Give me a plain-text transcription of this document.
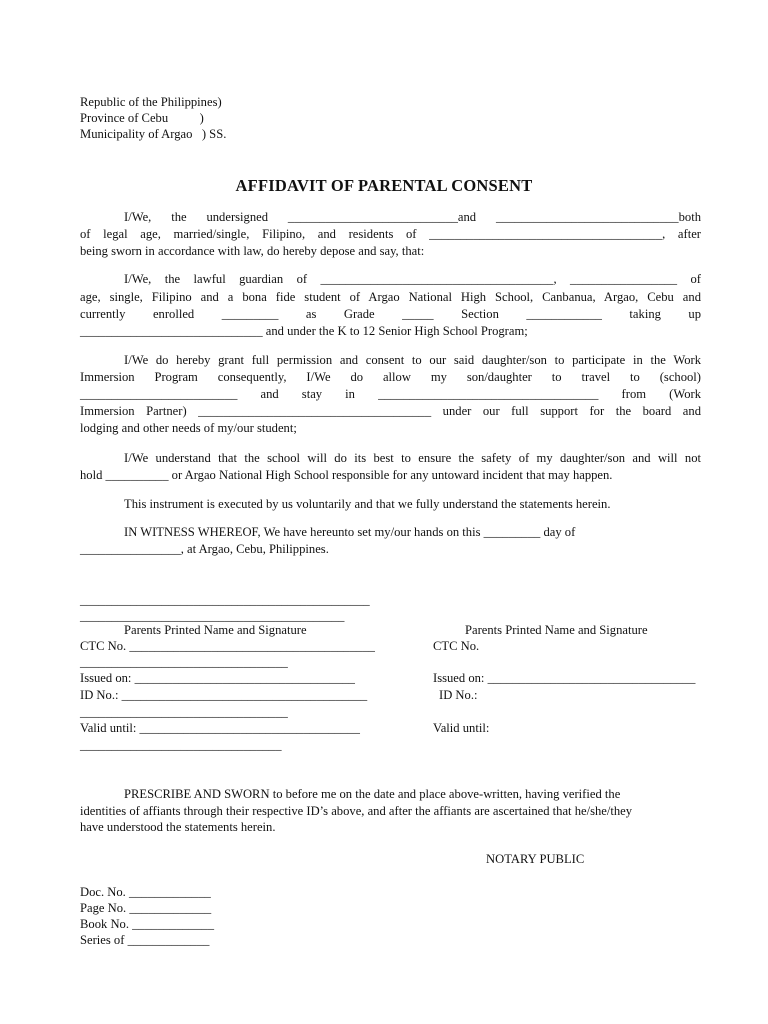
Republic of the Philippines)
Province of Cebu          )
Municipality of Argao   ) SS.
AFFIDAVIT OF PARENTAL CONSENT
I/We, the undersigned ___________________________and _____________________________both
of legal age, married/single, Filipino, and residents of _____________________________________, after
being sworn in accordance with law, do hereby depose and say, that:
I/We, the lawful guardian of _____________________________________, _________________ of
age, single, Filipino and a bona fide student of Argao National High School, Canbanua, Argao, Cebu and
currently enrolled _________ as Grade _____ Section ____________ taking up
_____________________________ and under the K to 12 Senior High School Program;
I/We do hereby grant full permission and consent to our said daughter/son to participate in the Work
Immersion Program consequently, I/We do allow my son/daughter to travel to (school)
_________________________ and stay in ___________________________________ from (Work
Immersion Partner) _____________________________________ under our full support for the board and
lodging and other needs of my/our student;
I/We understand that the school will do its best to ensure the safety of my daughter/son and will not
hold __________ or Argao National High School responsible for any untoward incident that may happen.
This instrument is executed by us voluntarily and that we fully understand the statements herein.
IN WITNESS WHEREOF, We have hereunto set my/our hands on this _________ day of
________________, at Argao, Cebu, Philippines.
______________________________________________
__________________________________________
Parents Printed Name and Signature
CTC No. _______________________________________
_________________________________
Issued on: ___________________________________
ID No.: _______________________________________
_________________________________
Valid until: ___________________________________
________________________________
Parents Printed Name and Signature
CTC No.
Issued on: _________________________________
ID No.:
Valid until:
PRESCRIBE AND SWORN to before me on the date and place above-written, having verified the
identities of affiants through their respective ID’s above, and after the affiants are ascertained that he/she/they
have understood the statements herein.
NOTARY PUBLIC
Doc. No. _____________
Page No. _____________
Book No. _____________
Series of _____________
